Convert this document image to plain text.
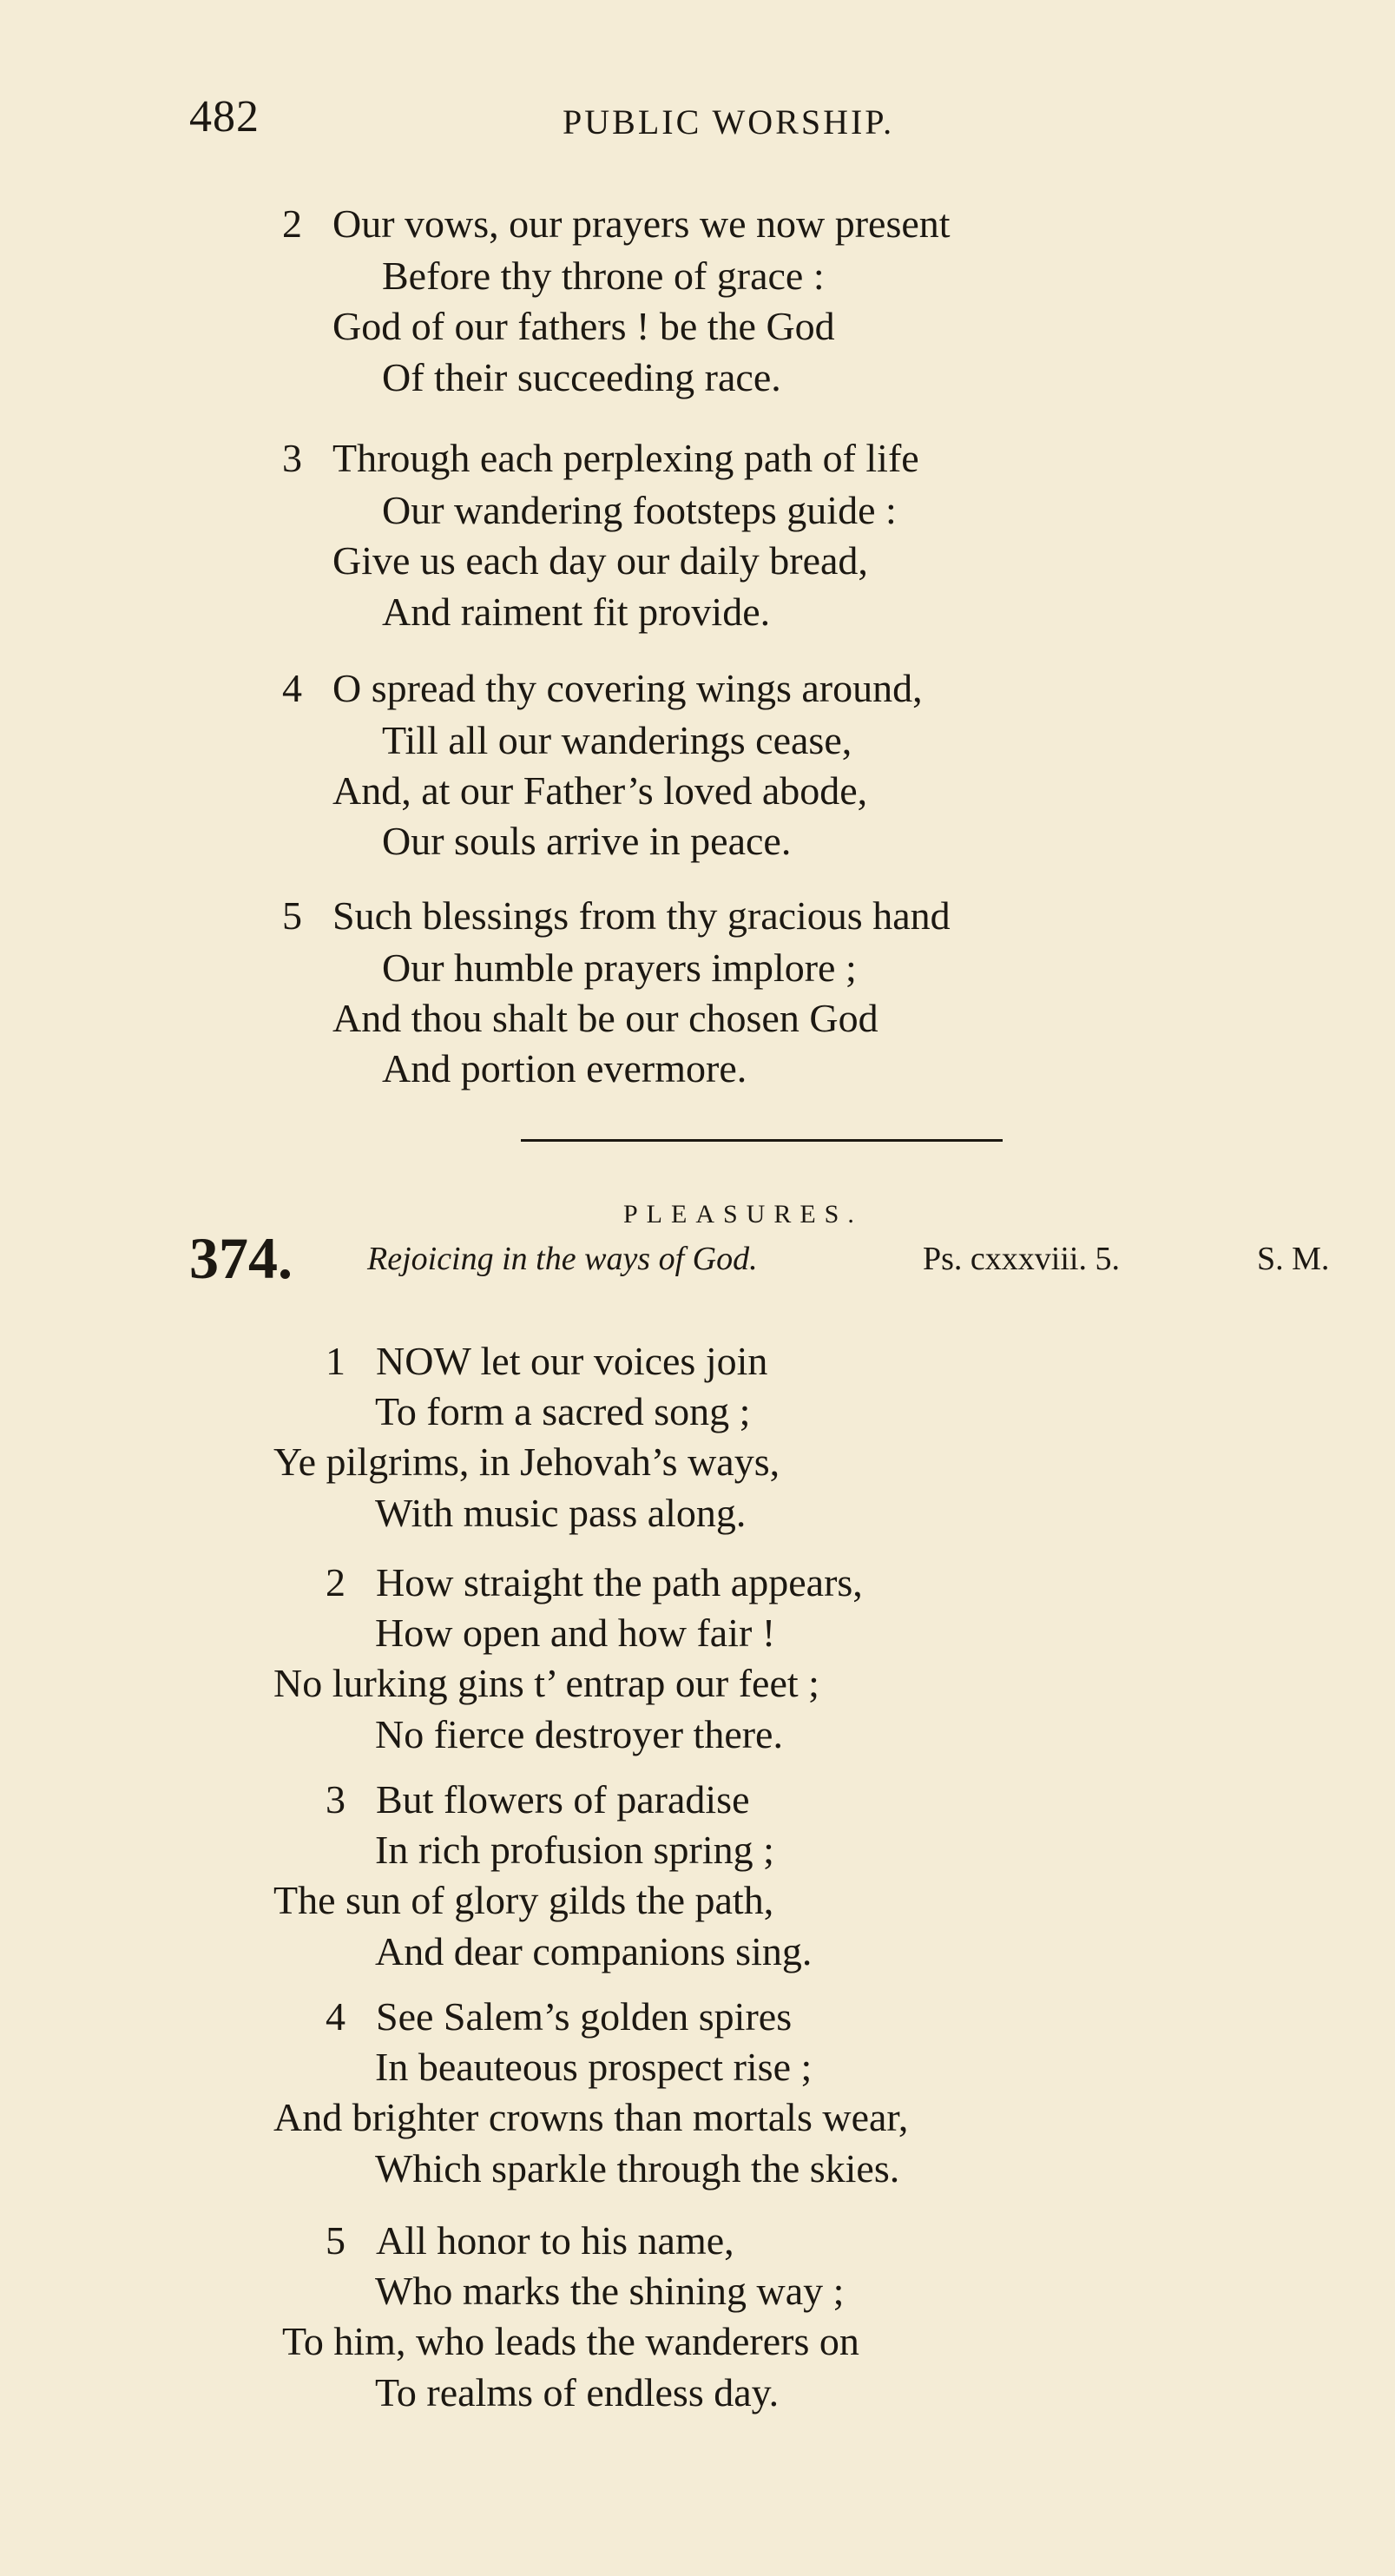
482	PUBLIC WORSHIP.
2 Our vows, our prayers we now present
Before thy throne of grace :
God of our fathers ! be the God
Of their succeeding race.
3 Through each perplexing path of life
Our wandering footsteps guide :
Give us each day our daily bread,
And raiment fit provide.
4 O spread thy covering wings around,
Till all our wanderings cease,
And, at our Father’s loved abode,
Our souls arrive in peace.
5 Such blessings from thy gracious hand
Our humble prayers implore ;
And thou shalt be our chosen God
And portion evermore.
PLEASURES.
374. Rejoicing in the ways of God.	Ps. cxxxviii. 5.	S. M.
1 NOW let our voices join
To form a sacred song ;
Ye pilgrims, in Jehovah’s ways,
With music pass along.
2 How straight the path appears,
How open and how fair !
No lurking gins t’ entrap our feet ;
No fierce destroyer there.
3 But flowers of paradise
In rich profusion spring ;
The sun of glory gilds the path,
And dear companions sing.
4 See Salem’s golden spires
In beauteous prospect rise ;
And brighter crowns than mortals wear,
Which sparkle through the skies.
5 All honor to his name,
Who marks the shining way ;
To him, who leads the wanderers on
To realms of endless day.
